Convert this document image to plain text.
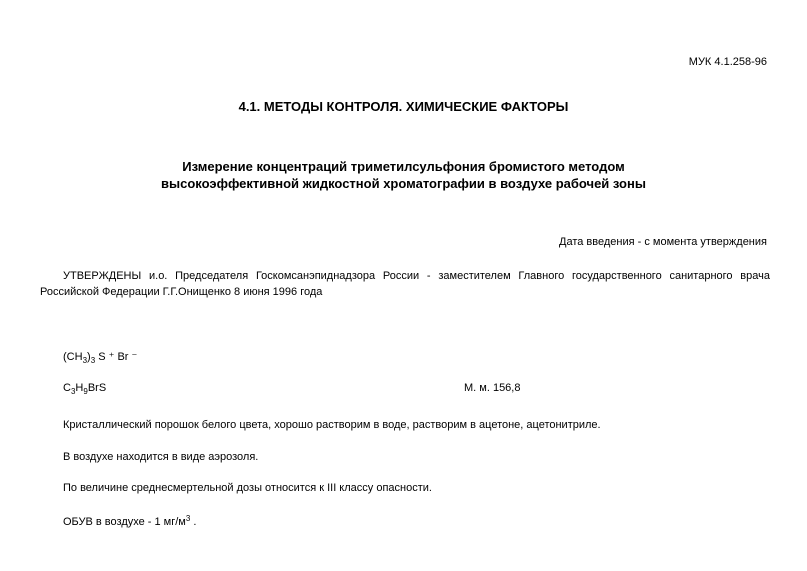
МУК 4.1.258-96
4.1. МЕТОДЫ КОНТРОЛЯ. ХИМИЧЕСКИЕ ФАКТОРЫ
Измерение концентраций триметилсульфония бромистого методом
высокоэффективной жидкостной хроматографии в воздухе рабочей зоны
Дата введения - с момента утверждения
УТВЕРЖДЕНЫ и.о. Председателя Госкомсанэпиднадзора России - заместителем Главного государственного санитарного врача
Российской Федерации Г.Г.Онищенко 8 июня 1996 года
$(CH_3)_3$ S ⁺ Br ⁻
$C_3H_9BrS$	М. м. 156,8
Кристаллический порошок белого цвета, хорошо растворим в воде, растворим в ацетоне, ацетонитриле.
В воздухе находится в виде аэрозоля.
По величине среднесмертельной дозы относится к III классу опасности.
ОБУВ в воздухе - 1 $мг/м^3$ .
